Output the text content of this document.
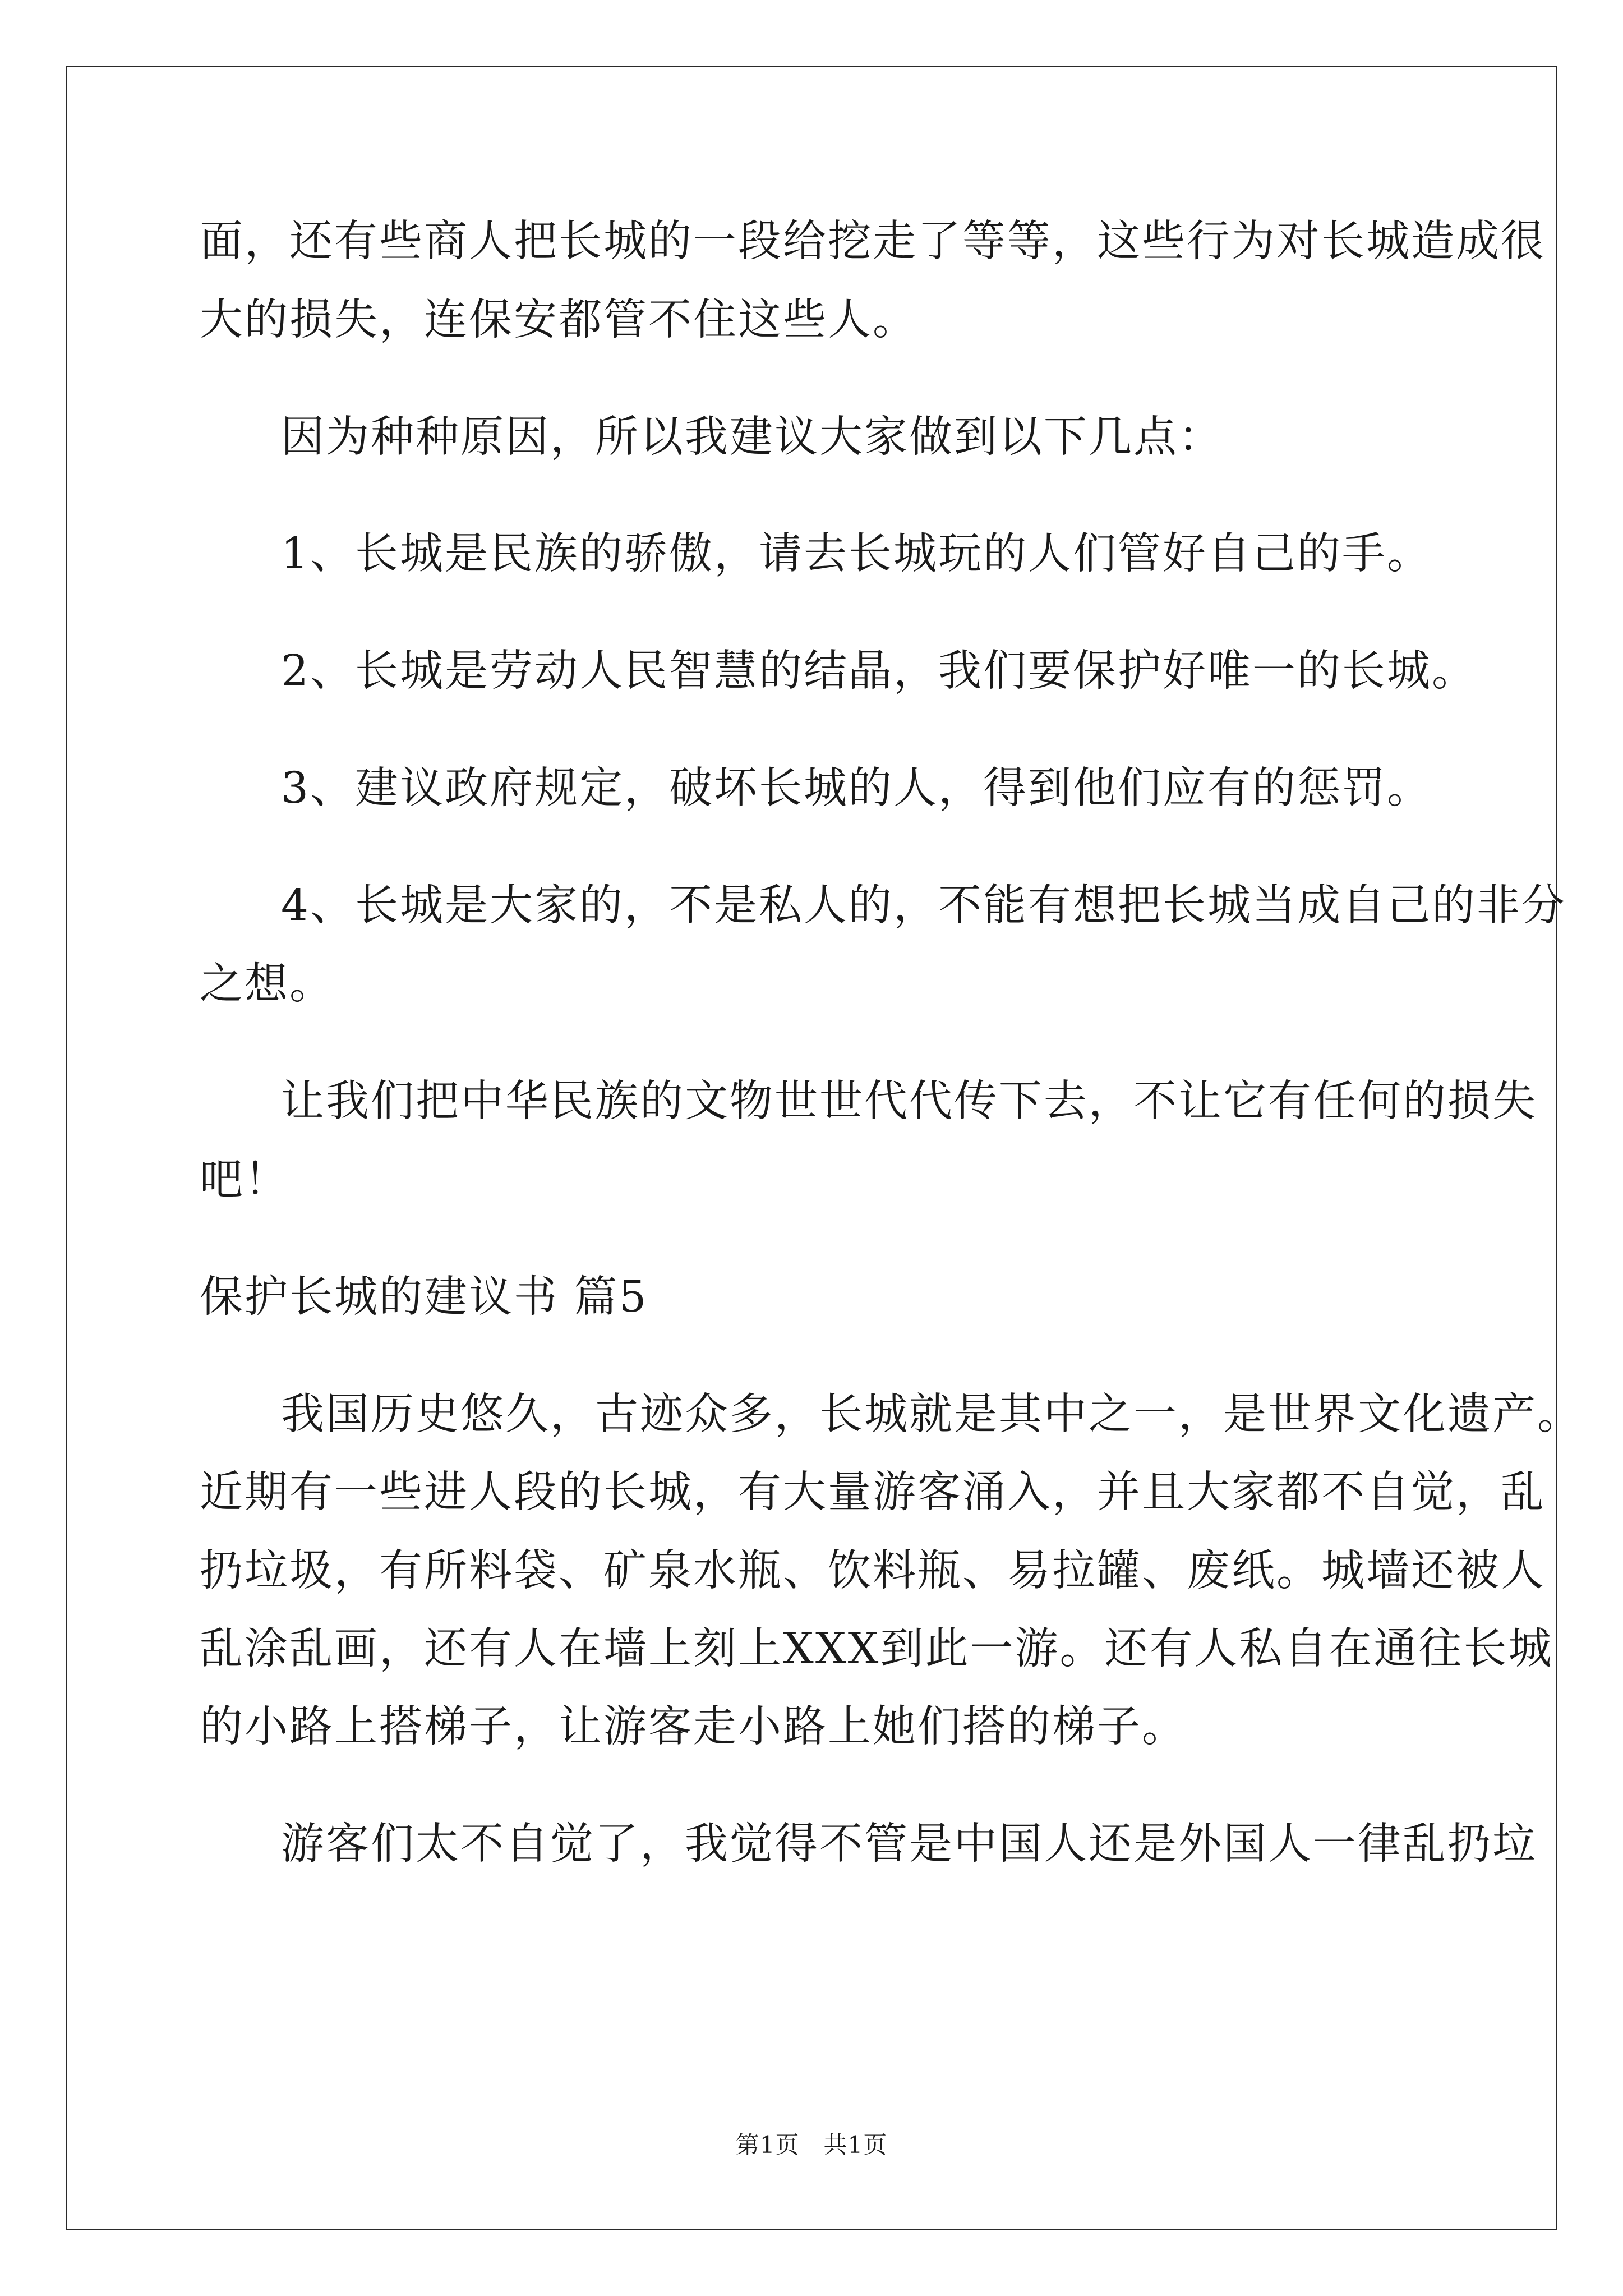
面，还有些商人把长城的一段给挖走了等等，这些行为对长城造成很
大的损失，连保安都管不住这些人。
因为种种原因，所以我建议大家做到以下几点：
1、长城是民族的骄傲，请去长城玩的人们管好自己的手。
2、长城是劳动人民智慧的结晶，我们要保护好唯一的长城。
3、建议政府规定，破坏长城的人，得到他们应有的惩罚。
4、长城是大家的，不是私人的，不能有想把长城当成自己的非分
之想。
让我们把中华民族的文物世世代代传下去，不让它有任何的损失
吧！
保护长城的建议书 篇5
我国历史悠久，古迹众多，长城就是其中之一，是世界文化遗产。
近期有一些进人段的长城，有大量游客涌入，并且大家都不自觉，乱
扔垃圾，有所料袋、矿泉水瓶、饮料瓶、易拉罐、废纸。城墙还被人
乱涂乱画，还有人在墙上刻上XXX到此一游。还有人私自在通往长城
的小路上搭梯子，让游客走小路上她们搭的梯子。
游客们太不自觉了，我觉得不管是中国人还是外国人一律乱扔垃
第1页　共1页
